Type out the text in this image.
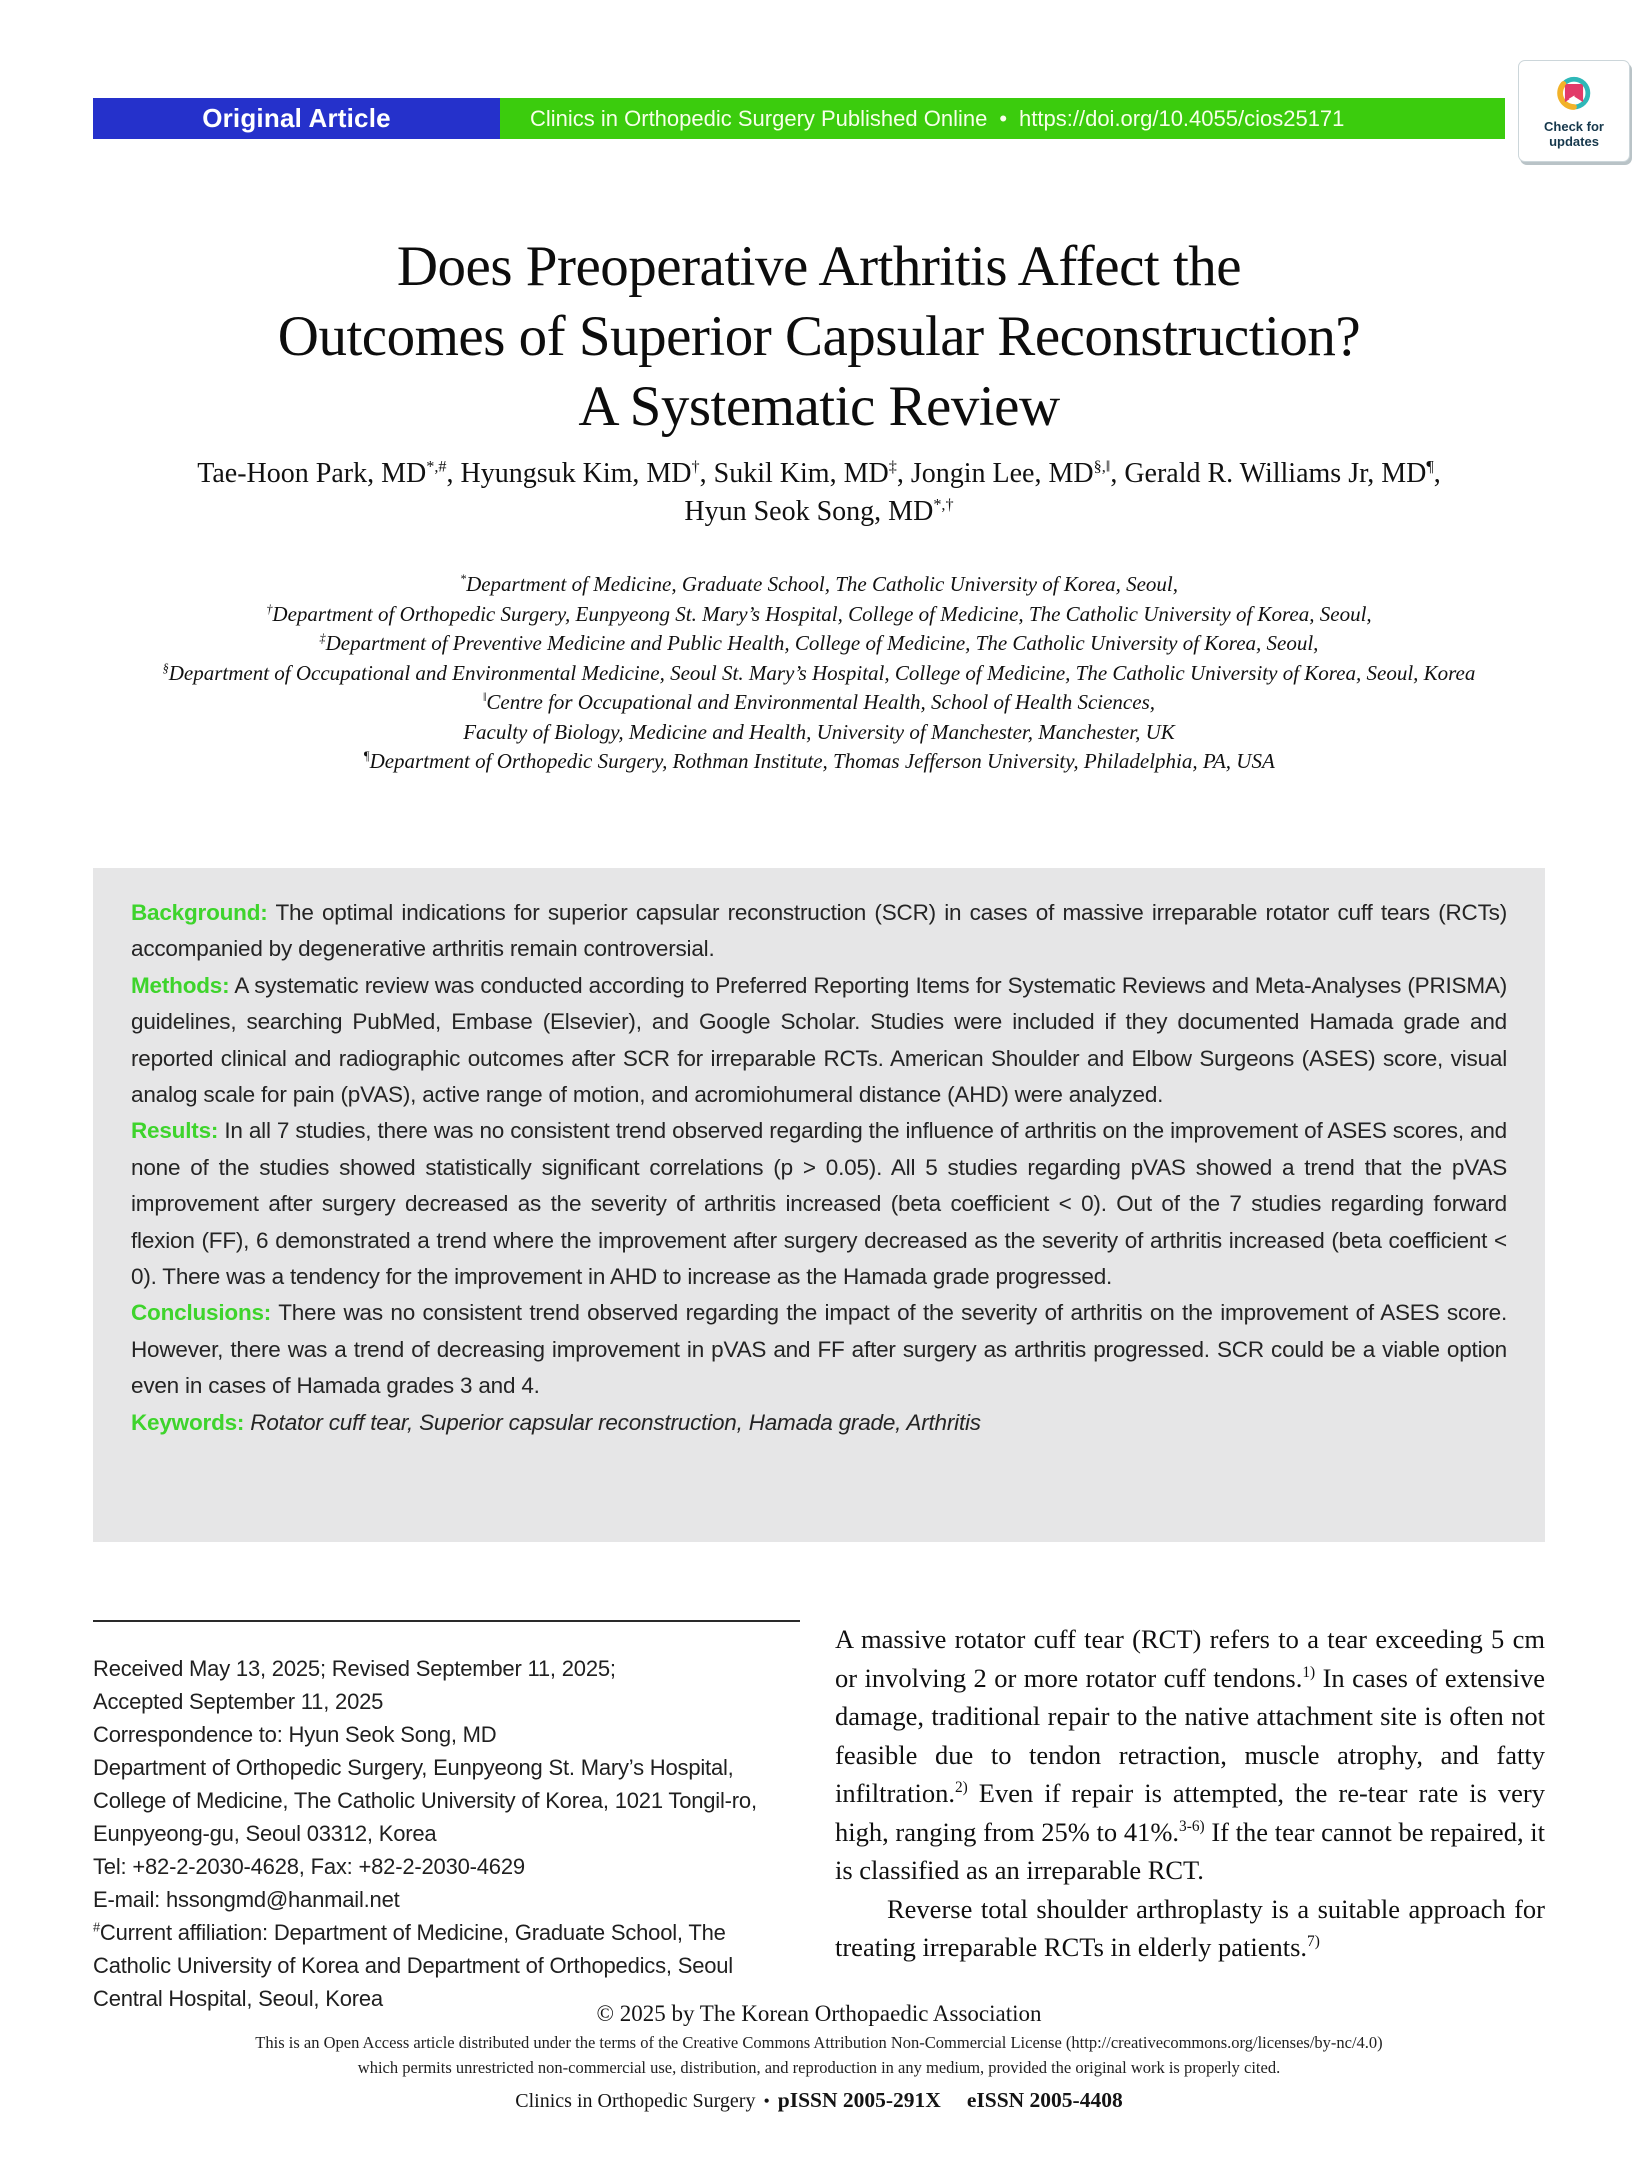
Original Article	Clinics in Orthopedic Surgery Published Online • https://doi.org/10.4055/cios25171	Check for
updates
Does Preoperative Arthritis Affect the
Outcomes of Superior Capsular Reconstruction?
A Systematic Review
Tae-Hoon Park, MD*,#, Hyungsuk Kim, MD†, Sukil Kim, MD‡, Jongin Lee, MD§,‖, Gerald R. Williams Jr, MD¶,
Hyun Seok Song, MD*,†
*Department of Medicine, Graduate School, The Catholic University of Korea, Seoul,
†Department of Orthopedic Surgery, Eunpyeong St. Mary’s Hospital, College of Medicine, The Catholic University of Korea, Seoul,
‡Department of Preventive Medicine and Public Health, College of Medicine, The Catholic University of Korea, Seoul,
§Department of Occupational and Environmental Medicine, Seoul St. Mary’s Hospital, College of Medicine, The Catholic University of Korea, Seoul, Korea
‖Centre for Occupational and Environmental Health, School of Health Sciences,
Faculty of Biology, Medicine and Health, University of Manchester, Manchester, UK
¶Department of Orthopedic Surgery, Rothman Institute, Thomas Jefferson University, Philadelphia, PA, USA
Background: The optimal indications for superior capsular reconstruction (SCR) in cases of massive irreparable rotator cuff tears (RCTs) accompanied by degenerative arthritis remain controversial.
Methods: A systematic review was conducted according to Preferred Reporting Items for Systematic Reviews and Meta-Analyses (PRISMA) guidelines, searching PubMed, Embase (Elsevier), and Google Scholar. Studies were included if they documented Hamada grade and reported clinical and radiographic outcomes after SCR for irreparable RCTs. American Shoulder and Elbow Surgeons (ASES) score, visual analog scale for pain (pVAS), active range of motion, and acromiohumeral distance (AHD) were analyzed.
Results: In all 7 studies, there was no consistent trend observed regarding the influence of arthritis on the improvement of ASES scores, and none of the studies showed statistically significant correlations (p > 0.05). All 5 studies regarding pVAS showed a trend that the pVAS improvement after surgery decreased as the severity of arthritis increased (beta coefficient < 0). Out of the 7 studies regarding forward flexion (FF), 6 demonstrated a trend where the improvement after surgery decreased as the severity of arthritis increased (beta coefficient < 0). There was a tendency for the improvement in AHD to increase as the Hamada grade progressed.
Conclusions: There was no consistent trend observed regarding the impact of the severity of arthritis on the improvement of ASES score. However, there was a trend of decreasing improvement in pVAS and FF after surgery as arthritis progressed. SCR could be a viable option even in cases of Hamada grades 3 and 4.
Keywords: Rotator cuff tear, Superior capsular reconstruction, Hamada grade, Arthritis
Received May 13, 2025; Revised September 11, 2025;
Accepted September 11, 2025
Correspondence to: Hyun Seok Song, MD
Department of Orthopedic Surgery, Eunpyeong St. Mary’s Hospital, College of Medicine, The Catholic University of Korea, 1021 Tongil-ro, Eunpyeong-gu, Seoul 03312, Korea
Tel: +82-2-2030-4628, Fax: +82-2-2030-4629
E-mail: hssongmd@hanmail.net
#Current affiliation: Department of Medicine, Graduate School, The Catholic University of Korea and Department of Orthopedics, Seoul Central Hospital, Seoul, Korea

A massive rotator cuff tear (RCT) refers to a tear exceeding 5 cm or involving 2 or more rotator cuff tendons.$^{1)}$ In cases of extensive damage, traditional repair to the native attachment site is often not feasible due to tendon retraction, muscle atrophy, and fatty infiltration.$^{2)}$ Even if repair is attempted, the re-tear rate is very high, ranging from 25% to 41%.$^{3-6)}$ If the tear cannot be repaired, it is classified as an irreparable RCT.

Reverse total shoulder arthroplasty is a suitable approach for treating irreparable RCTs in elderly patients.$^{7)}$

© 2025 by The Korean Orthopaedic Association
This is an Open Access article distributed under the terms of the Creative Commons Attribution Non-Commercial License (http://creativecommons.org/licenses/by-nc/4.0)
which permits unrestricted non-commercial use, distribution, and reproduction in any medium, provided the original work is properly cited.
Clinics in Orthopedic Surgery • pISSN 2005-291X eISSN 2005-4408
